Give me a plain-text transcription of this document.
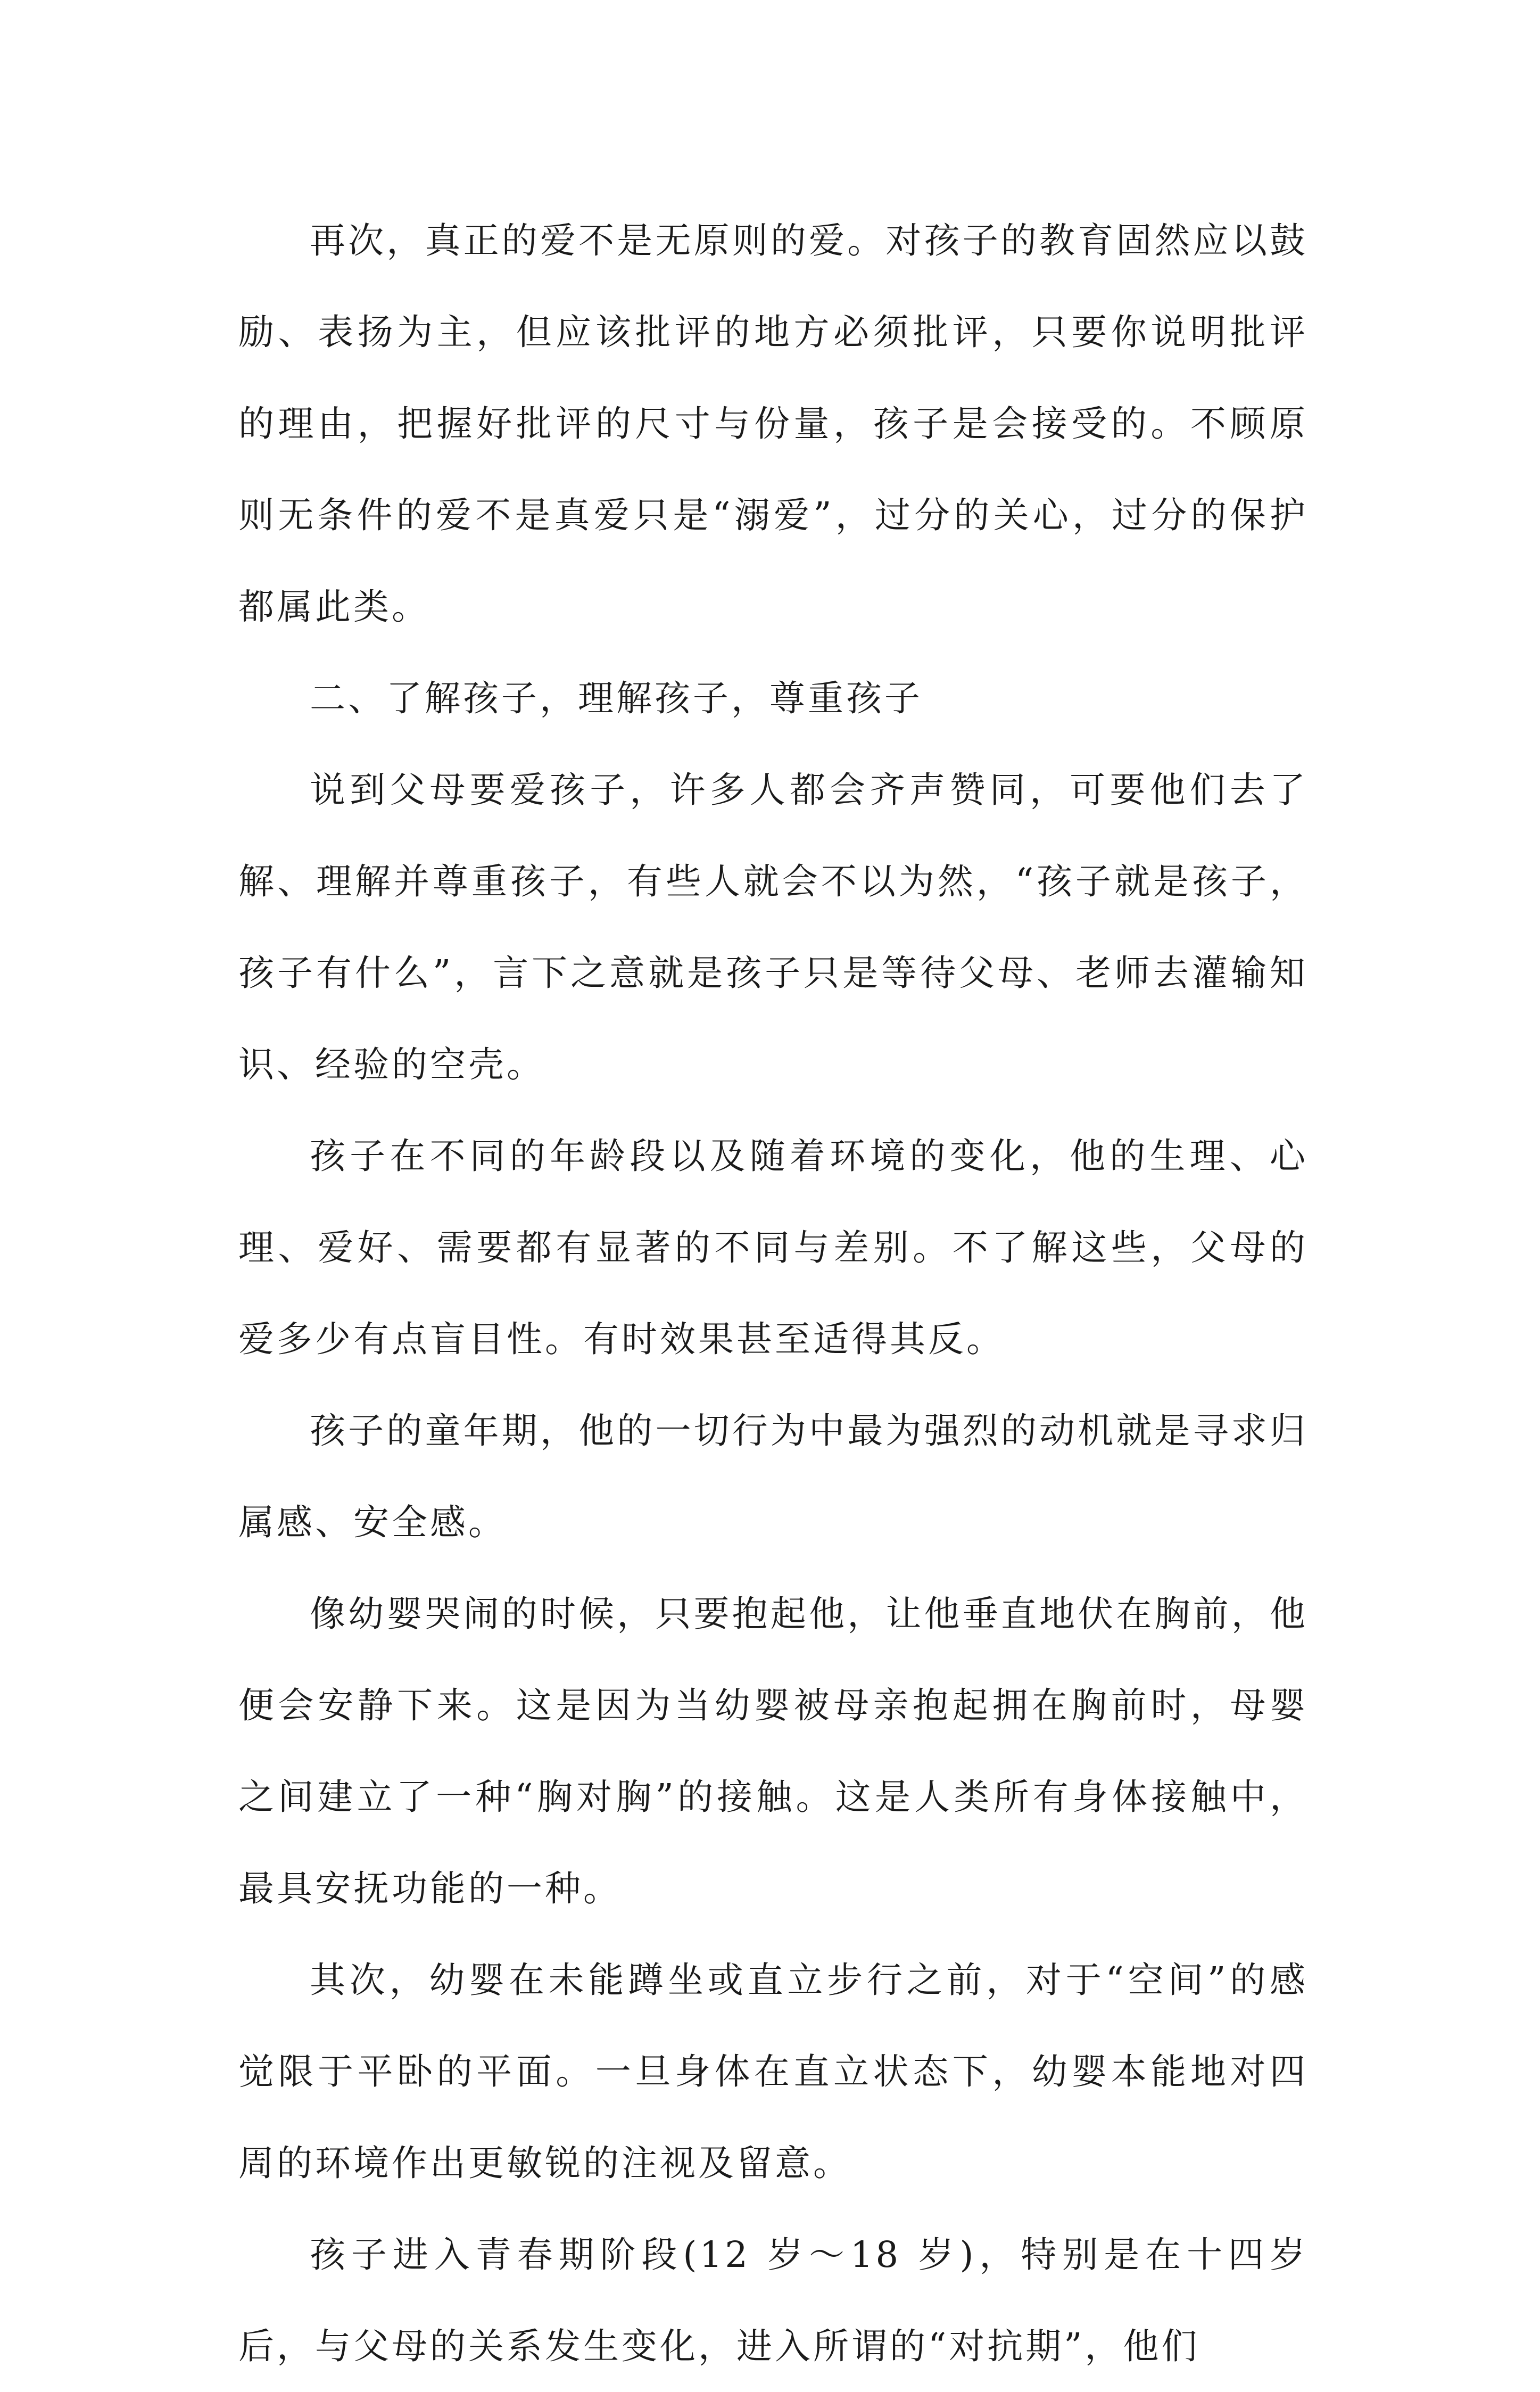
再次，真正的爱不是无原则的爱。对孩子的教育固然应以鼓励、表扬为主，但应该批评的地方必须批评，只要你说明批评的理由，把握好批评的尺寸与份量，孩子是会接受的。不顾原则无条件的爱不是真爱只是“溺爱”，过分的关心，过分的保护都属此类。

二、了解孩子，理解孩子，尊重孩子

说到父母要爱孩子，许多人都会齐声赞同，可要他们去了解、理解并尊重孩子，有些人就会不以为然，“孩子就是孩子，孩子有什么”，言下之意就是孩子只是等待父母、老师去灌输知识、经验的空壳。

孩子在不同的年龄段以及随着环境的变化，他的生理、心理、爱好、需要都有显著的不同与差别。不了解这些，父母的爱多少有点盲目性。有时效果甚至适得其反。

孩子的童年期，他的一切行为中最为强烈的动机就是寻求归属感、安全感。

像幼婴哭闹的时候，只要抱起他，让他垂直地伏在胸前，他便会安静下来。这是因为当幼婴被母亲抱起拥在胸前时，母婴之间建立了一种“胸对胸”的接触。这是人类所有身体接触中，最具安抚功能的一种。

其次，幼婴在未能蹲坐或直立步行之前，对于“空间”的感觉限于平卧的平面。一旦身体在直立状态下，幼婴本能地对四周的环境作出更敏锐的注视及留意。

孩子进入青春期阶段(12 岁～18 岁)，特别是在十四岁后，与父母的关系发生变化，进入所谓的“对抗期”，他们
